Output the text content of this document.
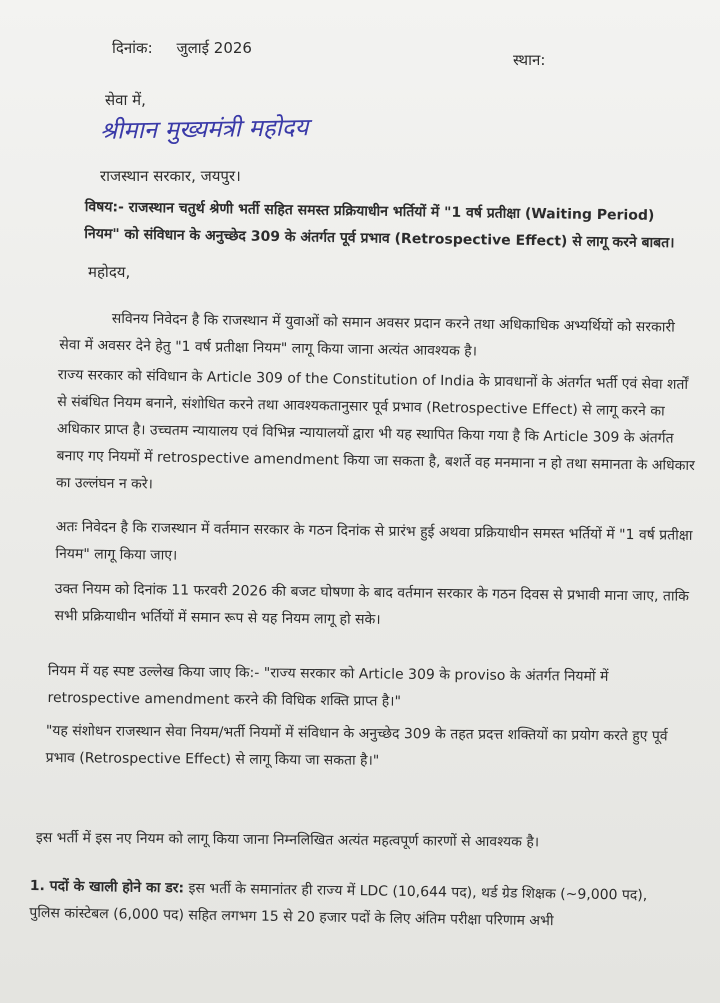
दिनांक: जुलाई 2026
स्थान:
सेवा में,
श्रीमान मुख्यमंत्री महोदय
राजस्थान सरकार, जयपुर।
विषय:- राजस्थान चतुर्थ श्रेणी भर्ती सहित समस्त प्रक्रियाधीन भर्तियों में "1 वर्ष प्रतीक्षा (Waiting Period) नियम" को संविधान के अनुच्छेद 309 के अंतर्गत पूर्व प्रभाव (Retrospective Effect) से लागू करने बाबत।
महोदय,
सविनय निवेदन है कि राजस्थान में युवाओं को समान अवसर प्रदान करने तथा अधिकाधिक अभ्यर्थियों को सरकारी सेवा में अवसर देने हेतु "1 वर्ष प्रतीक्षा नियम" लागू किया जाना अत्यंत आवश्यक है।
राज्य सरकार को संविधान के Article 309 of the Constitution of India के प्रावधानों के अंतर्गत भर्ती एवं सेवा शर्तों से संबंधित नियम बनाने, संशोधित करने तथा आवश्यकतानुसार पूर्व प्रभाव (Retrospective Effect) से लागू करने का अधिकार प्राप्त है। उच्चतम न्यायालय एवं विभिन्न न्यायालयों द्वारा भी यह स्थापित किया गया है कि Article 309 के अंतर्गत बनाए गए नियमों में retrospective amendment किया जा सकता है, बशर्ते वह मनमाना न हो तथा समानता के अधिकार का उल्लंघन न करे।
अतः निवेदन है कि राजस्थान में वर्तमान सरकार के गठन दिनांक से प्रारंभ हुई अथवा प्रक्रियाधीन समस्त भर्तियों में "1 वर्ष प्रतीक्षा नियम" लागू किया जाए।
उक्त नियम को दिनांक 11 फरवरी 2026 की बजट घोषणा के बाद वर्तमान सरकार के गठन दिवस से प्रभावी माना जाए, ताकि सभी प्रक्रियाधीन भर्तियों में समान रूप से यह नियम लागू हो सके।
नियम में यह स्पष्ट उल्लेख किया जाए कि:- "राज्य सरकार को Article 309 के proviso के अंतर्गत नियमों में retrospective amendment करने की विधिक शक्ति प्राप्त है।"
"यह संशोधन राजस्थान सेवा नियम/भर्ती नियमों में संविधान के अनुच्छेद 309 के तहत प्रदत्त शक्तियों का प्रयोग करते हुए पूर्व प्रभाव (Retrospective Effect) से लागू किया जा सकता है।"
इस भर्ती में इस नए नियम को लागू किया जाना निम्नलिखित अत्यंत महत्वपूर्ण कारणों से आवश्यक है।
1. पदों के खाली होने का डर: इस भर्ती के समानांतर ही राज्य में LDC (10,644 पद), थर्ड ग्रेड शिक्षक (~9,000 पद), पुलिस कांस्टेबल (6,000 पद) सहित लगभग 15 से 20 हजार पदों के लिए अंतिम परीक्षा परिणाम अभी
